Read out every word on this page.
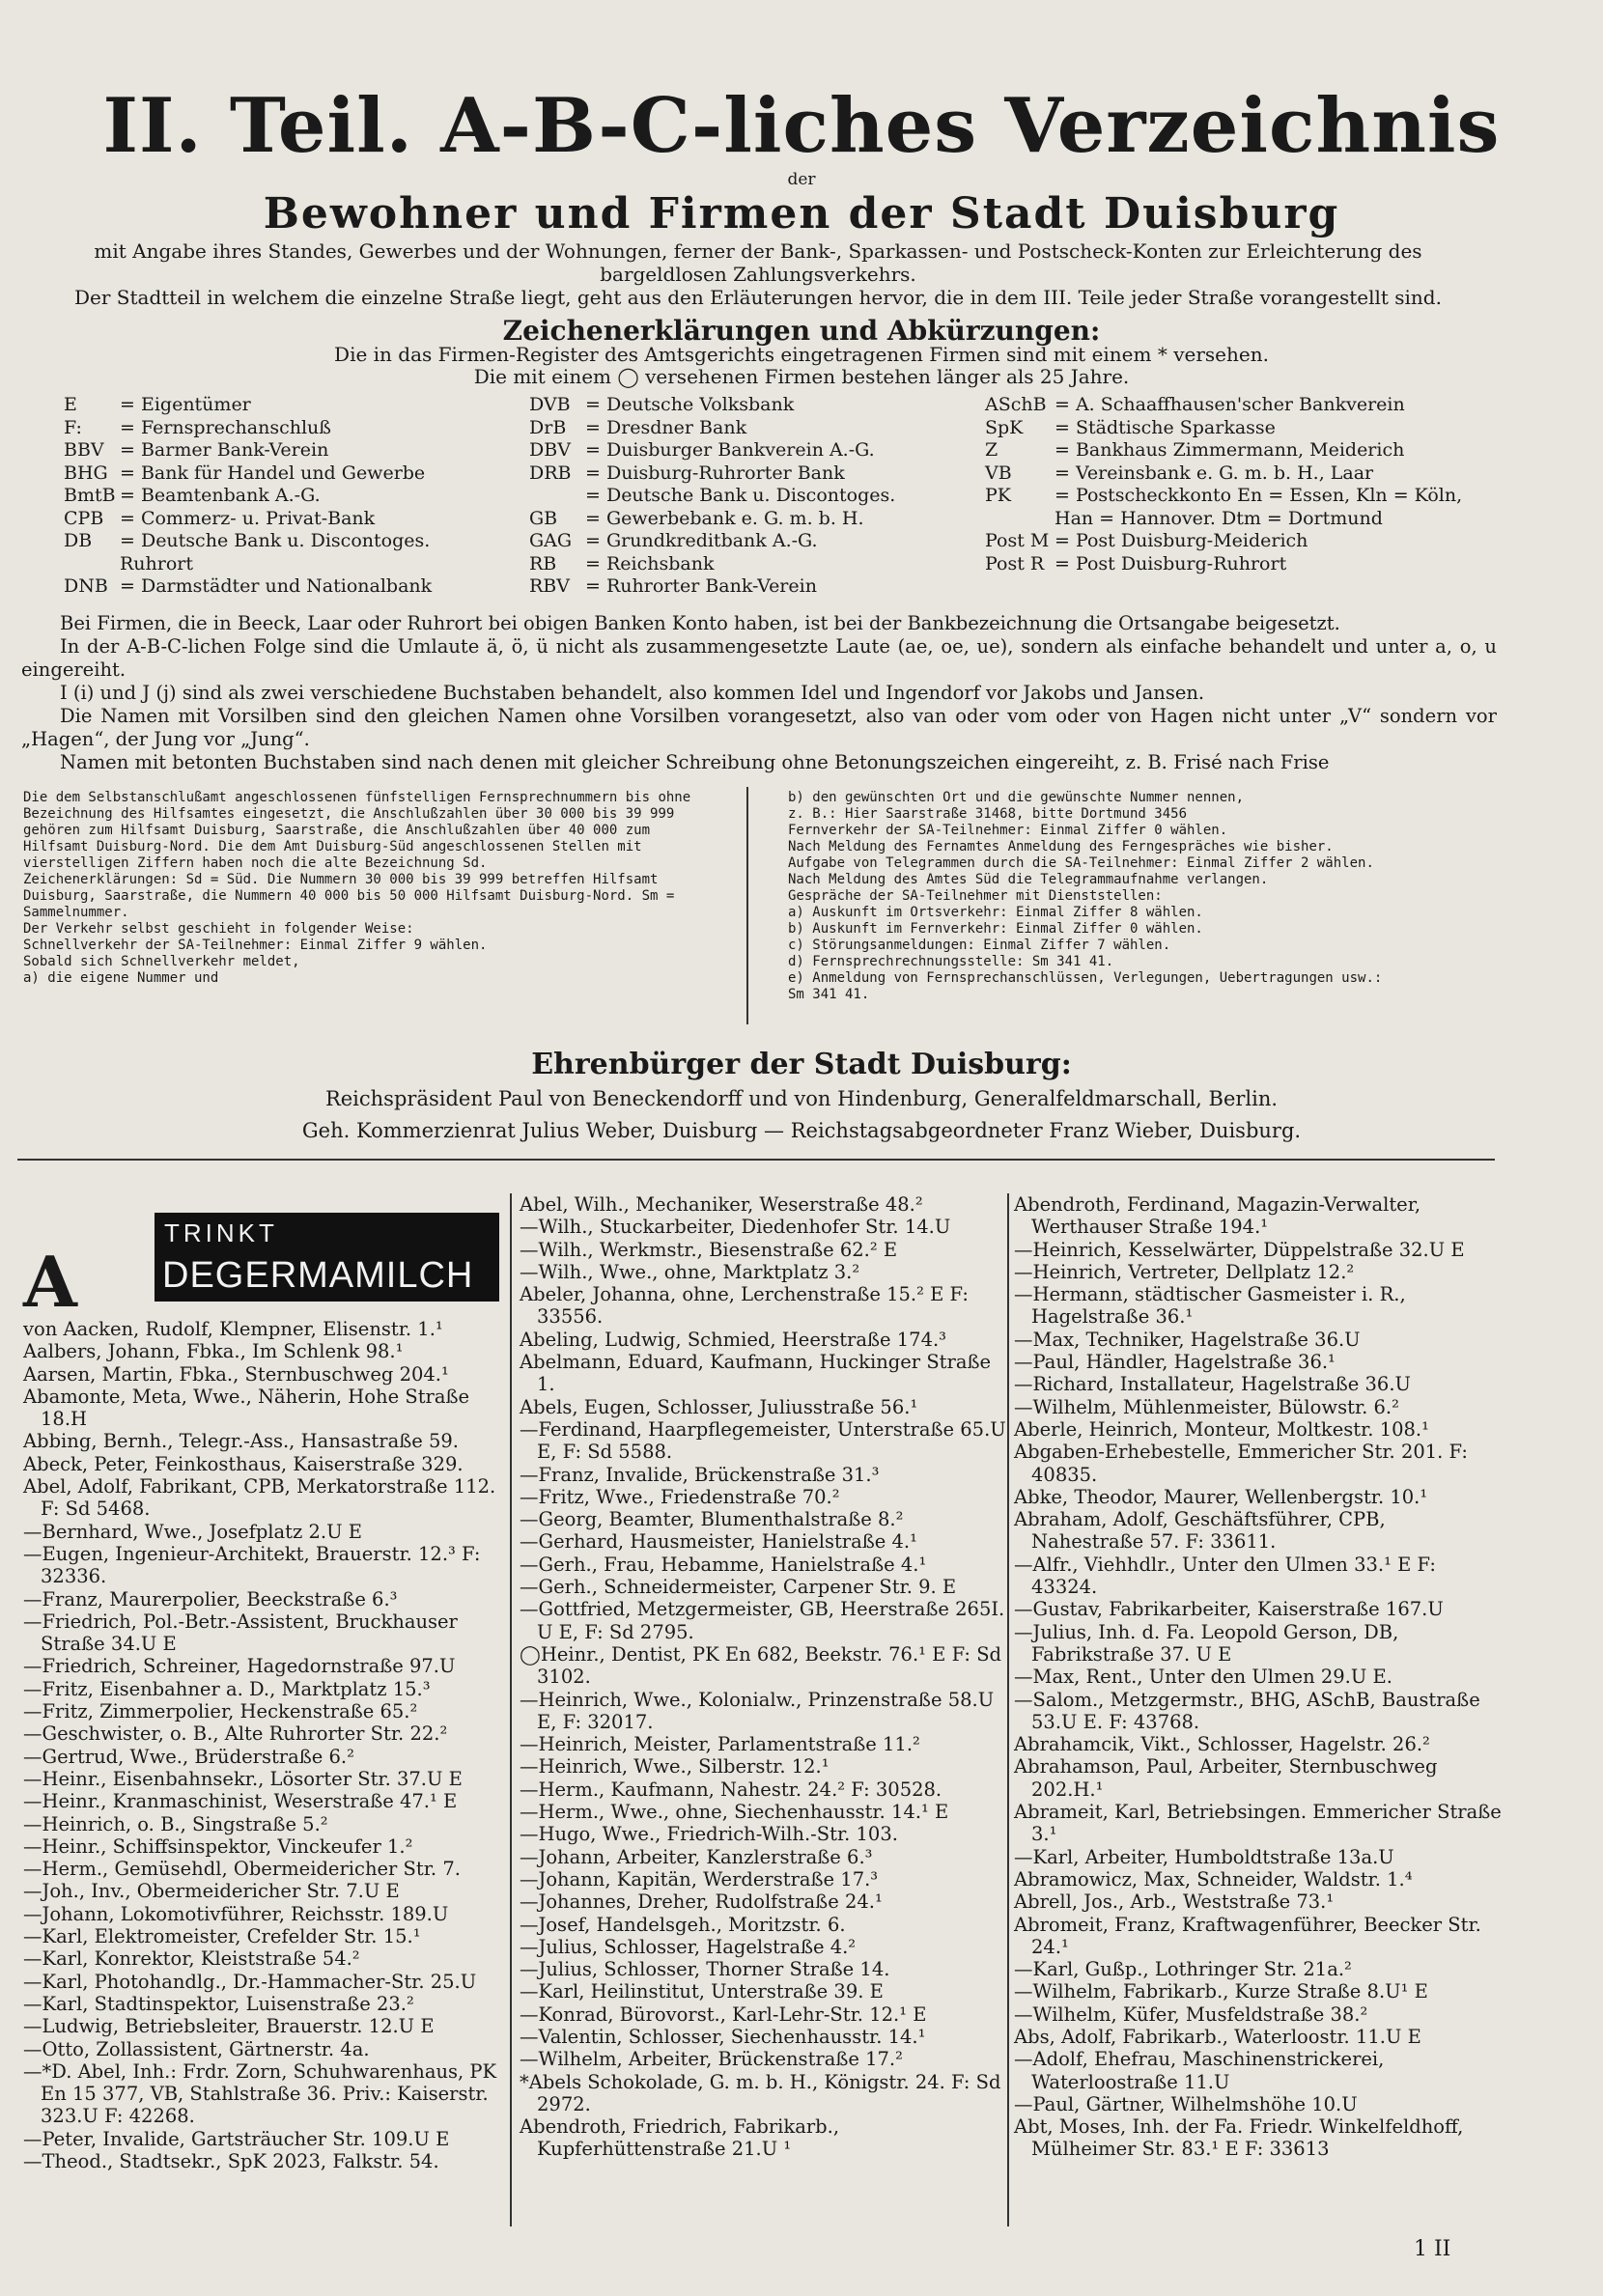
II. Teil. A-B-C-liches Verzeichnis
der
Bewohner und Firmen der Stadt Duisburg
mit Angabe ihres Standes, Gewerbes und der Wohnungen, ferner der Bank-, Sparkassen- und Postscheck-Konten zur Erleichterung des
bargeldlosen Zahlungsverkehrs.
Der Stadtteil in welchem die einzelne Straße liegt, geht aus den Erläuterungen hervor, die in dem III. Teile jeder Straße vorangestellt sind.
Zeichenerklärungen und Abkürzungen:
Die in das Firmen-Register des Amtsgerichts eingetragenen Firmen sind mit einem * versehen.
Die mit einem ◯ versehenen Firmen bestehen länger als 25 Jahre.
E	= Eigentümer
F:	= Fernsprechanschluß
BBV = Barmer Bank-Verein
BHG = Bank für Handel und Gewerbe
BmtB = Beamtenbank A.-G.
CPB = Commerz- u. Privat-Bank
DB	= Deutsche Bank u. Discontoges.
Ruhrort
DNB = Darmstädter und Nationalbank
DVB = Deutsche Volksbank
DrB	= Dresdner Bank
DBV = Duisburger Bankverein A.-G.
DRB = Duisburg-Ruhrorter Bank
= Deutsche Bank u. Discontoges.
GB	= Gewerbebank e. G. m. b. H.
GAG = Grundkreditbank A.-G.
RB	= Reichsbank
RBV = Ruhrorter Bank-Verein
ASchB = A. Schaaffhausen'scher Bankverein
SpK	= Städtische Sparkasse
Z	= Bankhaus Zimmermann, Meiderich
VB	= Vereinsbank e. G. m. b. H., Laar
PK	= Postscheckkonto En = Essen, Kln = Köln,
Han = Hannover. Dtm = Dortmund
Post M = Post Duisburg-Meiderich
Post R = Post Duisburg-Ruhrort

Bei Firmen, die in Beeck, Laar oder Ruhrort bei obigen Banken Konto haben, ist bei der Bankbezeichnung die Ortsangabe beigesetzt.

In der A-B-C-lichen Folge sind die Umlaute ä, ö, ü nicht als zusammengesetzte Laute (ae, oe, ue), sondern als einfache behandelt und unter a, o, u eingereiht.

I (i) und J (j) sind als zwei verschiedene Buchstaben behandelt, also kommen Idel und Ingendorf vor Jakobs und Jansen.

Die Namen mit Vorsilben sind den gleichen Namen ohne Vorsilben vorangesetzt, also van oder vom oder von Hagen nicht unter „V“ sondern vor „Hagen“, der Jung vor „Jung“.

Namen mit betonten Buchstaben sind nach denen mit gleicher Schreibung ohne Betonungszeichen eingereiht, z. B. Frisé nach Frise

Die dem Selbstanschlußamt angeschlossenen fünfstelligen Fernsprechnummern bis ohne Bezeichnung des Hilfsamtes eingesetzt, die Anschlußzahlen über 30 000 bis 39 999 gehören zum Hilfsamt Duisburg, Saarstraße, die Anschlußzahlen über 40 000 zum Hilfsamt Duisburg-Nord. Die dem Amt Duisburg-Süd angeschlossenen Stellen mit vierstelligen Ziffern haben noch die alte Bezeichnung Sd.

Zeichenerklärungen: Sd = Süd. Die Nummern 30 000 bis 39 999 betreffen Hilfsamt Duisburg, Saarstraße, die Nummern 40 000 bis 50 000 Hilfsamt Duisburg-Nord. Sm = Sammelnummer.

Der Verkehr selbst geschieht in folgender Weise:

Schnellverkehr der SA-Teilnehmer: Einmal Ziffer 9 wählen.

Sobald sich Schnellverkehr meldet,

a) die eigene Nummer und

b) den gewünschten Ort und die gewünschte Nummer nennen,

z. B.: Hier Saarstraße 31468, bitte Dortmund 3456

Fernverkehr der SA-Teilnehmer: Einmal Ziffer 0 wählen.

Nach Meldung des Fernamtes Anmeldung des Ferngespräches wie bisher.

Aufgabe von Telegrammen durch die SA-Teilnehmer: Einmal Ziffer 2 wählen.

Nach Meldung des Amtes Süd die Telegrammaufnahme verlangen.

Gespräche der SA-Teilnehmer mit Dienststellen:

a) Auskunft im Ortsverkehr: Einmal Ziffer 8 wählen.

b) Auskunft im Fernverkehr: Einmal Ziffer 0 wählen.

c) Störungsanmeldungen: Einmal Ziffer 7 wählen.

d) Fernsprechrechnungsstelle: Sm 341 41.

e) Anmeldung von Fernsprechanschlüssen, Verlegungen, Uebertragungen usw.:

Sm 341 41.

Ehrenbürger der Stadt Duisburg:
Reichspräsident Paul von Beneckendorff und von Hindenburg, Generalfeldmarschall, Berlin.
Geh. Kommerzienrat Julius Weber, Duisburg — Reichstagsabgeordneter Franz Wieber, Duisburg.
TRINKT
DEGERMAMILCH
A

von Aacken, Rudolf, Klempner, Elisenstr. 1.¹

Aalbers, Johann, Fbka., Im Schlenk 98.¹

Aarsen, Martin, Fbka., Sternbuschweg 204.¹

Abamonte, Meta, Wwe., Näherin, Hohe Straße 18.H

Abbing, Bernh., Telegr.-Ass., Hansastraße 59.

Abeck, Peter, Feinkosthaus, Kaiserstraße 329.

Abel, Adolf, Fabrikant, CPB, Merkatorstraße 112. F: Sd 5468.

—Bernhard, Wwe., Josefplatz 2.U E

—Eugen, Ingenieur-Architekt, Brauerstr. 12.³ F: 32336.

—Franz, Maurerpolier, Beeckstraße 6.³

—Friedrich, Pol.-Betr.-Assistent, Bruckhauser Straße 34.U E

—Friedrich, Schreiner, Hagedornstraße 97.U

—Fritz, Eisenbahner a. D., Marktplatz 15.³

—Fritz, Zimmerpolier, Heckenstraße 65.²

—Geschwister, o. B., Alte Ruhrorter Str. 22.²

—Gertrud, Wwe., Brüderstraße 6.²

—Heinr., Eisenbahnsekr., Lösorter Str. 37.U E

—Heinr., Kranmaschinist, Weserstraße 47.¹ E

—Heinrich, o. B., Singstraße 5.²

—Heinr., Schiffsinspektor, Vinckeufer 1.²

—Herm., Gemüsehdl, Obermeidericher Str. 7.

—Joh., Inv., Obermeidericher Str. 7.U E

—Johann, Lokomotivführer, Reichsstr. 189.U

—Karl, Elektromeister, Crefelder Str. 15.¹

—Karl, Konrektor, Kleiststraße 54.²

—Karl, Photohandlg., Dr.-Hammacher-Str. 25.U

—Karl, Stadtinspektor, Luisenstraße 23.²

—Ludwig, Betriebsleiter, Brauerstr. 12.U E

—Otto, Zollassistent, Gärtnerstr. 4a.

—*D. Abel, Inh.: Frdr. Zorn, Schuhwarenhaus, PK En 15 377, VB, Stahlstraße 36. Priv.: Kaiserstr. 323.U F: 42268.

—Peter, Invalide, Gartsträucher Str. 109.U E

—Theod., Stadtsekr., SpK 2023, Falkstr. 54.

Abel, Wilh., Mechaniker, Weserstraße 48.²

—Wilh., Stuckarbeiter, Diedenhofer Str. 14.U

—Wilh., Werkmstr., Biesenstraße 62.² E

—Wilh., Wwe., ohne, Marktplatz 3.²

Abeler, Johanna, ohne, Lerchenstraße 15.² E F: 33556.

Abeling, Ludwig, Schmied, Heerstraße 174.³

Abelmann, Eduard, Kaufmann, Huckinger Straße 1.

Abels, Eugen, Schlosser, Juliusstraße 56.¹

—Ferdinand, Haarpflegemeister, Unterstraße 65.U E, F: Sd 5588.

—Franz, Invalide, Brückenstraße 31.³

—Fritz, Wwe., Friedenstraße 70.²

—Georg, Beamter, Blumenthalstraße 8.²

—Gerhard, Hausmeister, Hanielstraße 4.¹

—Gerh., Frau, Hebamme, Hanielstraße 4.¹

—Gerh., Schneidermeister, Carpener Str. 9. E

—Gottfried, Metzgermeister, GB, Heerstraße 265I. U E, F: Sd 2795.

◯Heinr., Dentist, PK En 682, Beekstr. 76.¹ E F: Sd 3102.

—Heinrich, Wwe., Kolonialw., Prinzenstraße 58.U E, F: 32017.

—Heinrich, Meister, Parlamentstraße 11.²

—Heinrich, Wwe., Silberstr. 12.¹

—Herm., Kaufmann, Nahestr. 24.² F: 30528.

—Herm., Wwe., ohne, Siechenhausstr. 14.¹ E

—Hugo, Wwe., Friedrich-Wilh.-Str. 103.

—Johann, Arbeiter, Kanzlerstraße 6.³

—Johann, Kapitän, Werderstraße 17.³

—Johannes, Dreher, Rudolfstraße 24.¹

—Josef, Handelsgeh., Moritzstr. 6.

—Julius, Schlosser, Hagelstraße 4.²

—Julius, Schlosser, Thorner Straße 14.

—Karl, Heilinstitut, Unterstraße 39. E

—Konrad, Bürovorst., Karl-Lehr-Str. 12.¹ E

—Valentin, Schlosser, Siechenhausstr. 14.¹

—Wilhelm, Arbeiter, Brückenstraße 17.²

*Abels Schokolade, G. m. b. H., Königstr. 24. F: Sd 2972.

Abendroth, Friedrich, Fabrikarb., Kupferhüttenstraße 21.U ¹

Abendroth, Ferdinand, Magazin-Verwalter, Werthauser Straße 194.¹

—Heinrich, Kesselwärter, Düppelstraße 32.U E

—Heinrich, Vertreter, Dellplatz 12.²

—Hermann, städtischer Gasmeister i. R., Hagelstraße 36.¹

—Max, Techniker, Hagelstraße 36.U

—Paul, Händler, Hagelstraße 36.¹

—Richard, Installateur, Hagelstraße 36.U

—Wilhelm, Mühlenmeister, Bülowstr. 6.²

Aberle, Heinrich, Monteur, Moltkestr. 108.¹

Abgaben-Erhebestelle, Emmericher Str. 201. F: 40835.

Abke, Theodor, Maurer, Wellenbergstr. 10.¹

Abraham, Adolf, Geschäftsführer, CPB, Nahestraße 57. F: 33611.

—Alfr., Viehhdlr., Unter den Ulmen 33.¹ E F: 43324.

—Gustav, Fabrikarbeiter, Kaiserstraße 167.U

—Julius, Inh. d. Fa. Leopold Gerson, DB, Fabrikstraße 37. U E

—Max, Rent., Unter den Ulmen 29.U E.

—Salom., Metzgermstr., BHG, ASchB, Baustraße 53.U E. F: 43768.

Abrahamcik, Vikt., Schlosser, Hagelstr. 26.²

Abrahamson, Paul, Arbeiter, Sternbuschweg 202.H.¹

Abrameit, Karl, Betriebsingen. Emmericher Straße 3.¹

—Karl, Arbeiter, Humboldtstraße 13a.U

Abramowicz, Max, Schneider, Waldstr. 1.⁴

Abrell, Jos., Arb., Weststraße 73.¹

Abromeit, Franz, Kraftwagenführer, Beecker Str. 24.¹

—Karl, Gußp., Lothringer Str. 21a.²

—Wilhelm, Fabrikarb., Kurze Straße 8.U¹ E

—Wilhelm, Küfer, Musfeldstraße 38.²

Abs, Adolf, Fabrikarb., Waterloostr. 11.U E

—Adolf, Ehefrau, Maschinenstrickerei, Waterloostraße 11.U

—Paul, Gärtner, Wilhelmshöhe 10.U

Abt, Moses, Inh. der Fa. Friedr. Winkelfeldhoff, Mülheimer Str. 83.¹ E F: 33613

1 II
